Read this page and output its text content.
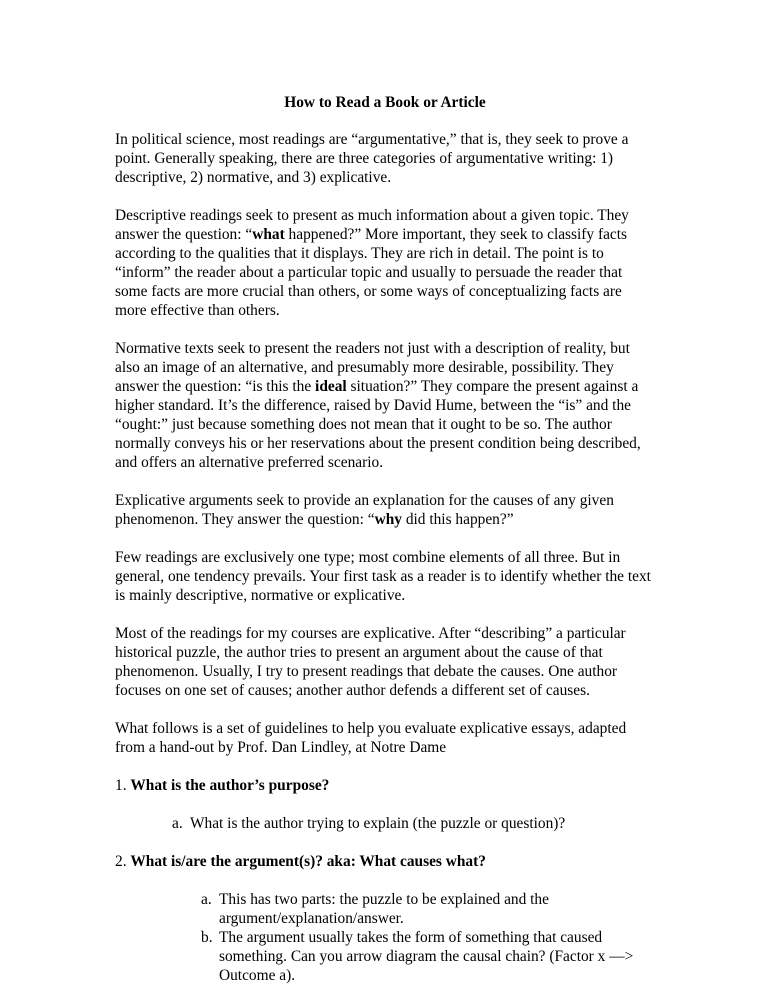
How to Read a Book or Article

In political science, most readings are “argumentative,” that is, they seek to prove a point. Generally speaking, there are three categories of argumentative writing: 1) descriptive, 2) normative, and 3) explicative.

Descriptive readings seek to present as much information about a given topic. They answer the question: “what happened?” More important, they seek to classify facts according to the qualities that it displays. They are rich in detail. The point is to “inform” the reader about a particular topic and usually to persuade the reader that some facts are more crucial than others, or some ways of conceptualizing facts are more effective than others.

Normative texts seek to present the readers not just with a description of reality, but also an image of an alternative, and presumably more desirable, possibility. They answer the question: “is this the ideal situation?” They compare the present against a higher standard. It’s the difference, raised by David Hume, between the “is” and the “ought:” just because something does not mean that it ought to be so. The author normally conveys his or her reservations about the present condition being described, and offers an alternative preferred scenario.

Explicative arguments seek to provide an explanation for the causes of any given phenomenon. They answer the question: “why did this happen?”

Few readings are exclusively one type; most combine elements of all three. But in general, one tendency prevails. Your first task as a reader is to identify whether the text is mainly descriptive, normative or explicative.

Most of the readings for my courses are explicative. After “describing” a particular historical puzzle, the author tries to present an argument about the cause of that phenomenon. Usually, I try to present readings that debate the causes. One author focuses on one set of causes; another author defends a different set of causes.

What follows is a set of guidelines to help you evaluate explicative essays, adapted from a hand-out by Prof. Dan Lindley, at Notre Dame

1. What is the author’s purpose?
a. What is the author trying to explain (the puzzle or question)?
2. What is/are the argument(s)? aka: What causes what?
a. This has two parts: the puzzle to be explained and the argument/explanation/answer.
b. The argument usually takes the form of something that caused something. Can you arrow diagram the causal chain? (Factor x —> Outcome a).
